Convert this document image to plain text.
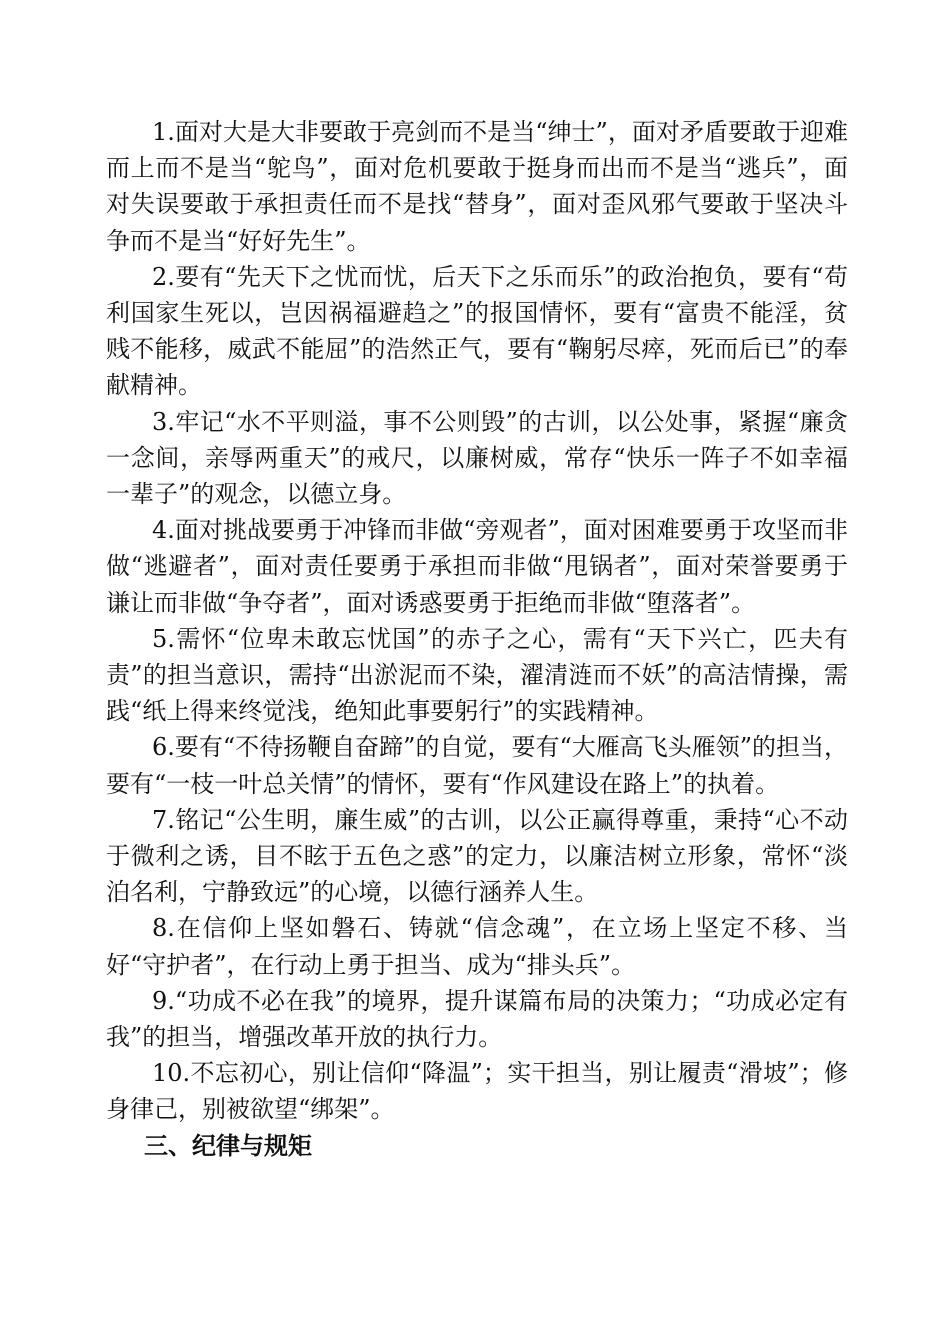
1.面对大是大非要敢于亮剑而不是当“绅士”，面对矛盾要敢于迎难而上而不是当“鸵鸟”，面对危机要敢于挺身而出而不是当“逃兵”，面对失误要敢于承担责任而不是找“替身”，面对歪风邪气要敢于坚决斗争而不是当“好好先生”。

2.要有“先天下之忧而忧，后天下之乐而乐”的政治抱负，要有“苟利国家生死以，岂因祸福避趋之”的报国情怀，要有“富贵不能淫，贫贱不能移，威武不能屈”的浩然正气，要有“鞠躬尽瘁，死而后已”的奉献精神。

3.牢记“水不平则溢，事不公则毁”的古训，以公处事，紧握“廉贪一念间，亲辱两重天”的戒尺，以廉树威，常存“快乐一阵子不如幸福一辈子”的观念，以德立身。

4.面对挑战要勇于冲锋而非做“旁观者”，面对困难要勇于攻坚而非做“逃避者”，面对责任要勇于承担而非做“甩锅者”，面对荣誉要勇于谦让而非做“争夺者”，面对诱惑要勇于拒绝而非做“堕落者”。

5.需怀“位卑未敢忘忧国”的赤子之心，需有“天下兴亡，匹夫有责”的担当意识，需持“出淤泥而不染，濯清涟而不妖”的高洁情操，需践“纸上得来终觉浅，绝知此事要躬行”的实践精神。

6.要有“不待扬鞭自奋蹄”的自觉，要有“大雁高飞头雁领”的担当，要有“一枝一叶总关情”的情怀，要有“作风建设在路上”的执着。

7.铭记“公生明，廉生威”的古训，以公正赢得尊重，秉持“心不动于微利之诱，目不眩于五色之惑”的定力，以廉洁树立形象，常怀“淡泊名利，宁静致远”的心境，以德行涵养人生。

8.在信仰上坚如磐石、铸就“信念魂”，在立场上坚定不移、当好“守护者”，在行动上勇于担当、成为“排头兵”。

9.“功成不必在我”的境界，提升谋篇布局的决策力；“功成必定有我”的担当，增强改革开放的执行力。

10.不忘初心，别让信仰“降温”；实干担当，别让履责“滑坡”；修身律己，别被欲望“绑架”。

三、纪律与规矩
